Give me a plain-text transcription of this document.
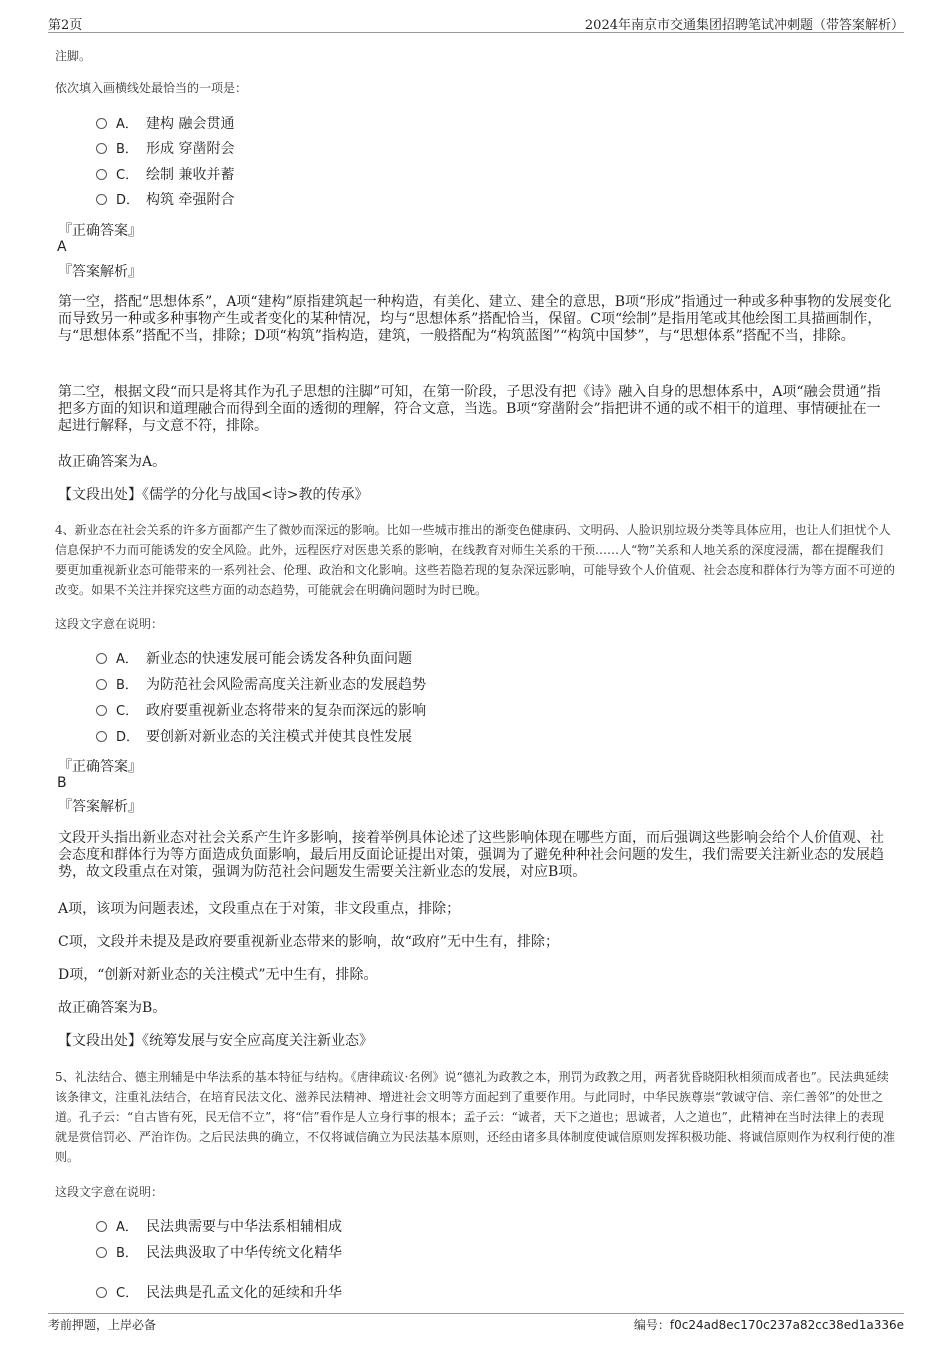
第2页	2024年南京市交通集团招聘笔试冲刺题（带答案解析）
注脚。
依次填入画横线处最恰当的一项是：
A． 建构 融会贯通
B． 形成 穿凿附会
C． 绘制 兼收并蓄
D． 构筑 牵强附合
『正确答案』
A
『答案解析』
第一空，搭配“思想体系”，A项“建构”原指建筑起一种构造，有美化、建立、建全的意思，B项“形成”指通过一种或多种事物的发展变化而导致另一种或多种事物产生或者变化的某种情况，均与“思想体系”搭配恰当，保留。C项“绘制”是指用笔或其他绘图工具描画制作，与“思想体系”搭配不当，排除；D项“构筑”指构造，建筑，一般搭配为“构筑蓝图”“构筑中国梦”，与“思想体系”搭配不当，排除。
第二空，根据文段“而只是将其作为孔子思想的注脚”可知，在第一阶段，子思没有把《诗》融入自身的思想体系中，A项“融会贯通”指把多方面的知识和道理融合而得到全面的透彻的理解，符合文意，当选。B项“穿凿附会”指把讲不通的或不相干的道理、事情硬扯在一起进行解释，与文意不符，排除。
故正确答案为A。
【文段出处】《儒学的分化与战国<诗>教的传承》
4、新业态在社会关系的许多方面都产生了微妙而深远的影响。比如一些城市推出的渐变色健康码、文明码、人脸识别垃圾分类等具体应用，也让人们担忧个人信息保护不力而可能诱发的安全风险。此外，远程医疗对医患关系的影响，在线教育对师生关系的干预……人“物”关系和人地关系的深度浸濡，都在提醒我们要更加重视新业态可能带来的一系列社会、伦理、政治和文化影响。这些若隐若现的复杂深远影响，可能导致个人价值观、社会态度和群体行为等方面不可逆的改变。如果不关注并探究这些方面的动态趋势，可能就会在明确问题时为时已晚。
这段文字意在说明：
A． 新业态的快速发展可能会诱发各种负面问题
B． 为防范社会风险需高度关注新业态的发展趋势
C． 政府要重视新业态将带来的复杂而深远的影响
D． 要创新对新业态的关注模式并使其良性发展
『正确答案』
B
『答案解析』
文段开头指出新业态对社会关系产生许多影响，接着举例具体论述了这些影响体现在哪些方面，而后强调这些影响会给个人价值观、社会态度和群体行为等方面造成负面影响，最后用反面论证提出对策，强调为了避免种种社会问题的发生，我们需要关注新业态的发展趋势，故文段重点在对策，强调为防范社会问题发生需要关注新业态的发展，对应B项。
A项，该项为问题表述，文段重点在于对策，非文段重点，排除；
C项，文段并未提及是政府要重视新业态带来的影响，故“政府”无中生有，排除；
D项，“创新对新业态的关注模式”无中生有，排除。
故正确答案为B。
【文段出处】《统筹发展与安全应高度关注新业态》
5、礼法结合、德主刑辅是中华法系的基本特征与结构。《唐律疏议·名例》说“德礼为政教之本，刑罚为政教之用，两者犹昏晓阳秋相须而成者也”。民法典延续该条律文，注重礼法结合，在培育民法文化、滋养民法精神、增进社会文明等方面起到了重要作用。与此同时，中华民族尊崇“敦诚守信、亲仁善邻”的处世之道。孔子云：“自古皆有死，民无信不立”，将“信”看作是人立身行事的根本；孟子云：“诚者，天下之道也；思诚者，人之道也”，此精神在当时法律上的表现就是赏信罚必、严治诈伪。之后民法典的确立，不仅将诚信确立为民法基本原则，还经由诸多具体制度使诚信原则发挥积极功能、将诚信原则作为权利行使的准则。
这段文字意在说明：
A． 民法典需要与中华法系相辅相成
B． 民法典汲取了中华传统文化精华
C． 民法典是孔孟文化的延续和升华
考前押题，上岸必备	编号：f0c24ad8ec170c237a82cc38ed1a336e
